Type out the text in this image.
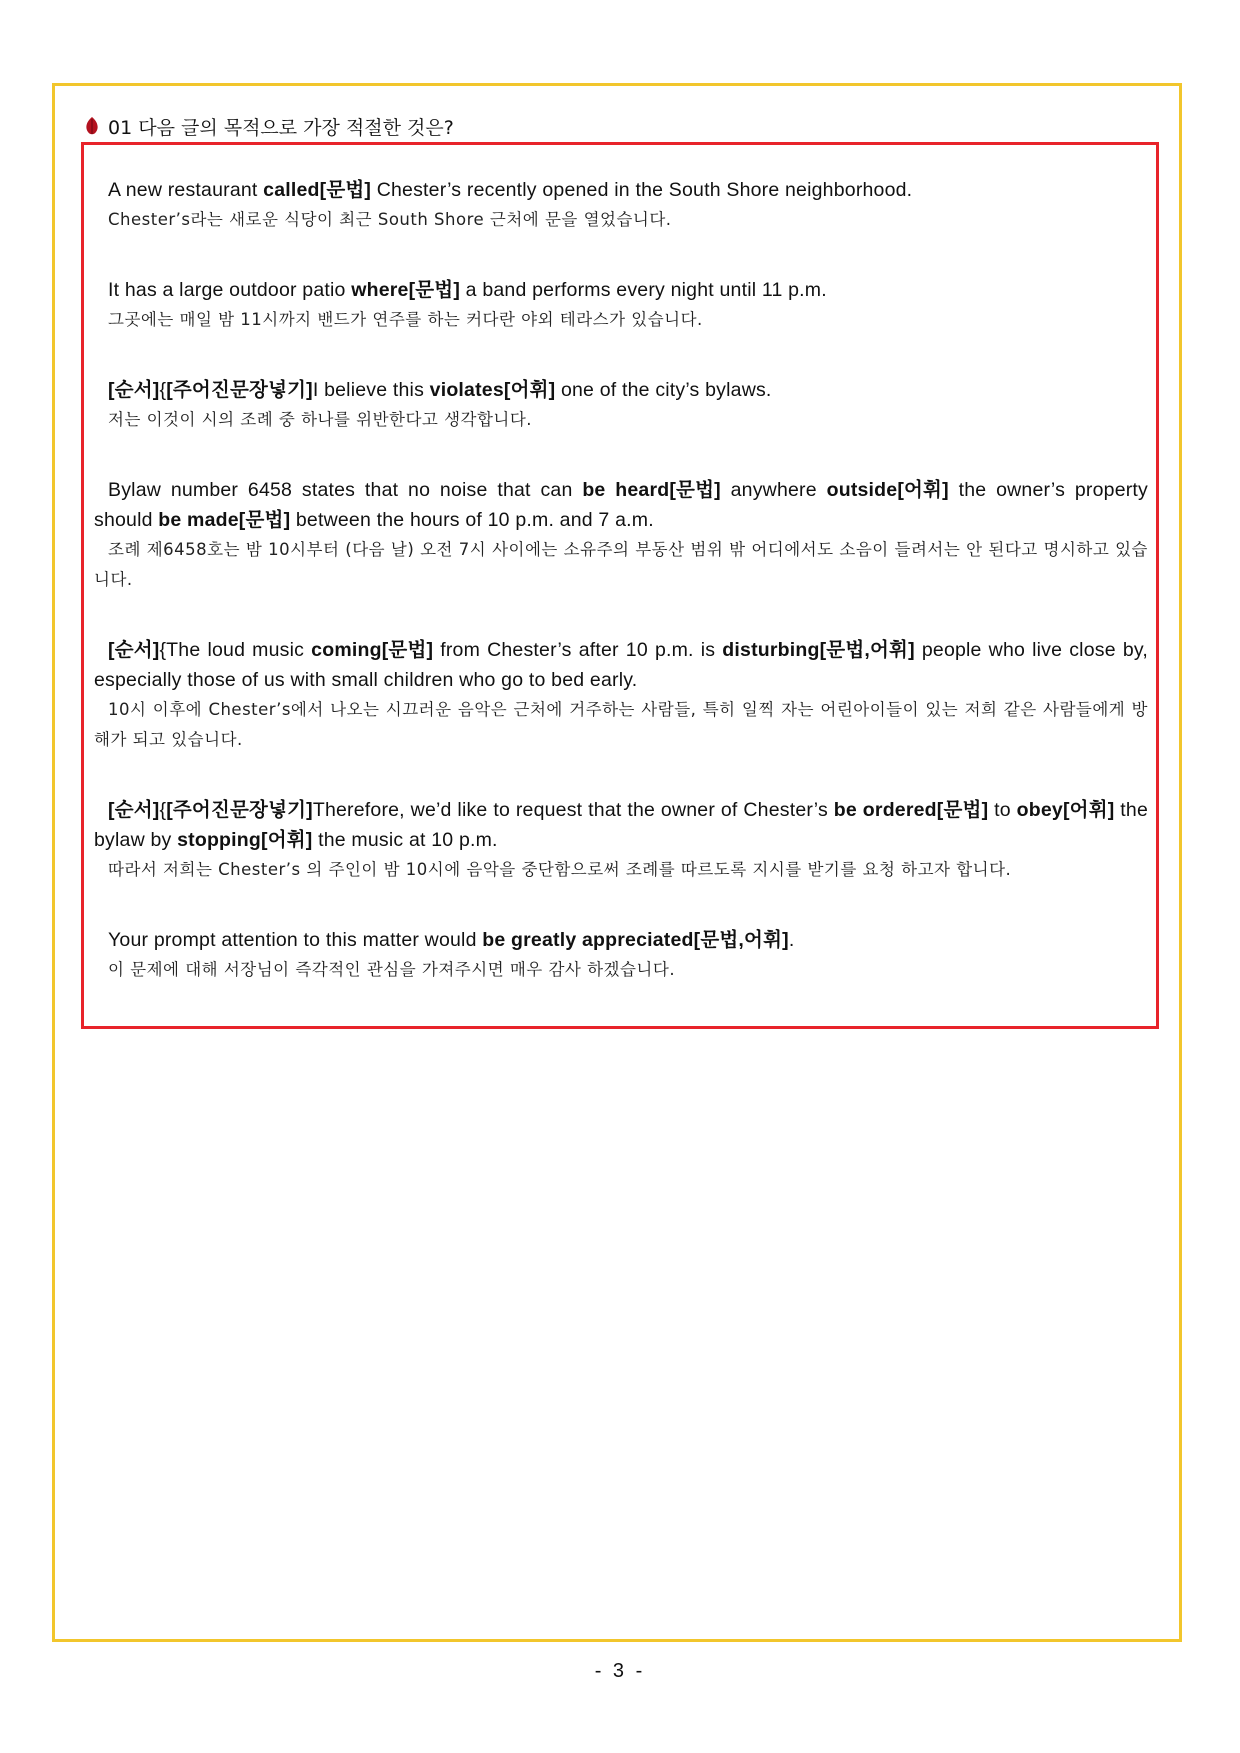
01 다음 글의 목적으로 가장 적절한 것은?
A new restaurant called[문법] Chester’s recently opened in the South Shore neighborhood.
Chester’s라는 새로운 식당이 최근 South Shore 근처에 문을 열었습니다.
It has a large outdoor patio where[문법] a band performs every night until 11 p.m.
그곳에는 매일 밤 11시까지 밴드가 연주를 하는 커다란 야외 테라스가 있습니다.
[순서]{[주어진문장넣기]I believe this violates[어휘] one of the city’s bylaws.
저는 이것이 시의 조례 중 하나를 위반한다고 생각합니다.
Bylaw number 6458 states that no noise that can be heard[문법] anywhere outside[어휘] the owner’s property should be made[문법] between the hours of 10 p.m. and 7 a.m.
조례 제6458호는 밤 10시부터 (다음 날) 오전 7시 사이에는 소유주의 부동산 범위 밖 어디에서도 소음이 들려서는 안 된다고 명시하고 있습니다.
[순서]{The loud music coming[문법] from Chester’s after 10 p.m. is disturbing[문법,어휘] people who live close by, especially those of us with small children who go to bed early.
10시 이후에 Chester’s에서 나오는 시끄러운 음악은 근처에 거주하는 사람들, 특히 일찍 자는 어린아이들이 있는 저희 같은 사람들에게 방해가 되고 있습니다.
[순서]{[주어진문장넣기]Therefore, we’d like to request that the owner of Chester’s be ordered[문법] to obey[어휘] the bylaw by stopping[어휘] the music at 10 p.m.
따라서 저희는 Chester’s 의 주인이 밤 10시에 음악을 중단함으로써 조례를 따르도록 지시를 받기를 요청 하고자 합니다.
Your prompt attention to this matter would be greatly appreciated[문법,어휘].
이 문제에 대해 서장님이 즉각적인 관심을 가져주시면 매우 감사 하겠습니다.
- 3 -
